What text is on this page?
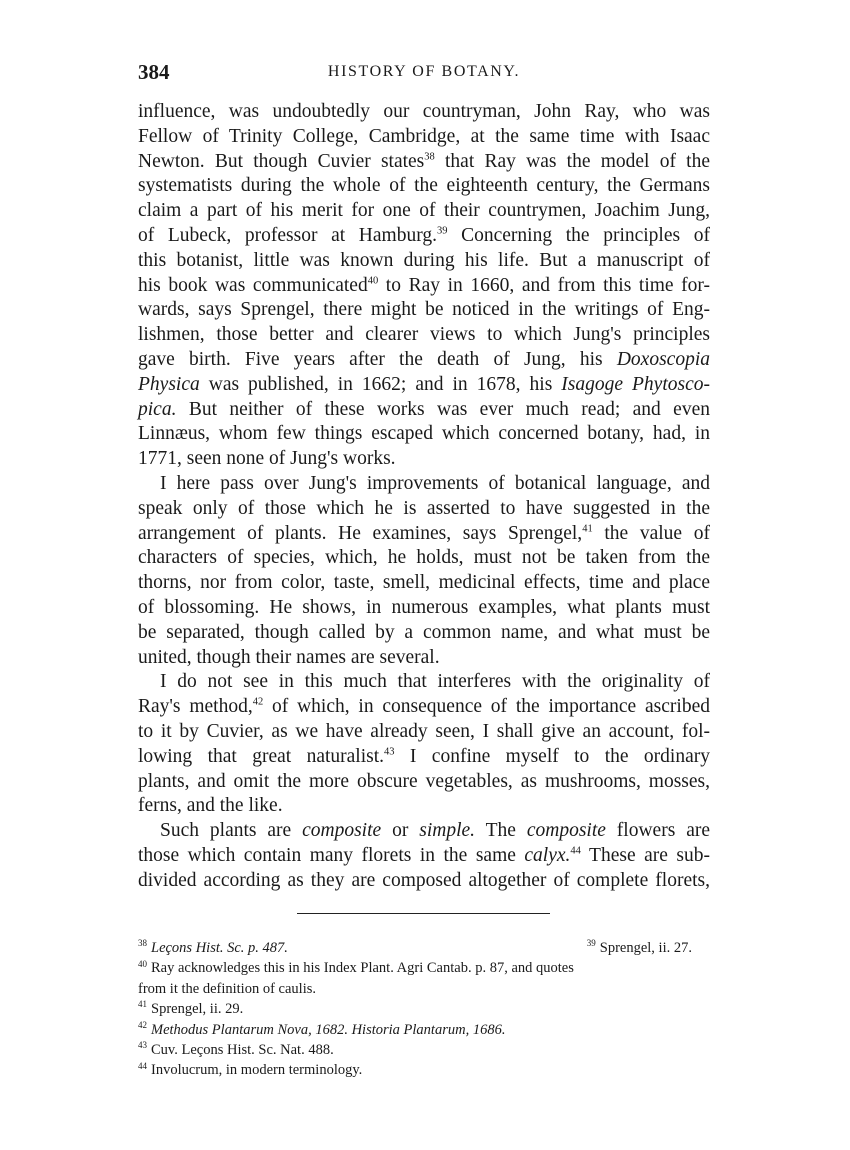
384	HISTORY OF BOTANY.
influence, was undoubtedly our countryman, John Ray, who was
Fellow of Trinity College, Cambridge, at the same time with Isaac
Newton. But though Cuvier states$^{38}$ that Ray was the model of the
systematists during the whole of the eighteenth century, the Germans
claim a part of his merit for one of their countrymen, Joachim Jung,
of Lubeck, professor at Hamburg.$^{39}$ Concerning the principles of
this botanist, little was known during his life. But a manuscript of
his book was communicated$^{40}$ to Ray in 1660, and from this time for-
wards, says Sprengel, there might be noticed in the writings of Eng-
lishmen, those better and clearer views to which Jung's principles
gave birth. Five years after the death of Jung, his Doxoscopia
Physica was published, in 1662; and in 1678, his Isagoge Phytosco-
pica. But neither of these works was ever much read; and even
Linnæus, whom few things escaped which concerned botany, had, in
1771, seen none of Jung's works.
I here pass over Jung's improvements of botanical language, and
speak only of those which he is asserted to have suggested in the
arrangement of plants. He examines, says Sprengel,$^{41}$ the value of
characters of species, which, he holds, must not be taken from the
thorns, nor from color, taste, smell, medicinal effects, time and place
of blossoming. He shows, in numerous examples, what plants must
be separated, though called by a common name, and what must be
united, though their names are several.
I do not see in this much that interferes with the originality of
Ray's method,$^{42}$ of which, in consequence of the importance ascribed
to it by Cuvier, as we have already seen, I shall give an account, fol-
lowing that great naturalist.$^{43}$ I confine myself to the ordinary
plants, and omit the more obscure vegetables, as mushrooms, mosses,
ferns, and the like.
Such plants are composite or simple. The composite flowers are
those which contain many florets in the same calyx.$^{44}$ These are sub-
divided according as they are composed altogether of complete florets,
$^{38}$ Leçons Hist. Sc. p. 487.	$^{39}$ Sprengel, ii. 27.
$^{40}$ Ray acknowledges this in his Index Plant. Agri Cantab. p. 87, and quotes
from it the definition of caulis.
$^{41}$ Sprengel, ii. 29.
$^{42}$ Methodus Plantarum Nova, 1682. Historia Plantarum, 1686.
$^{43}$ Cuv. Leçons Hist. Sc. Nat. 488.
$^{44}$ Involucrum, in modern terminology.
